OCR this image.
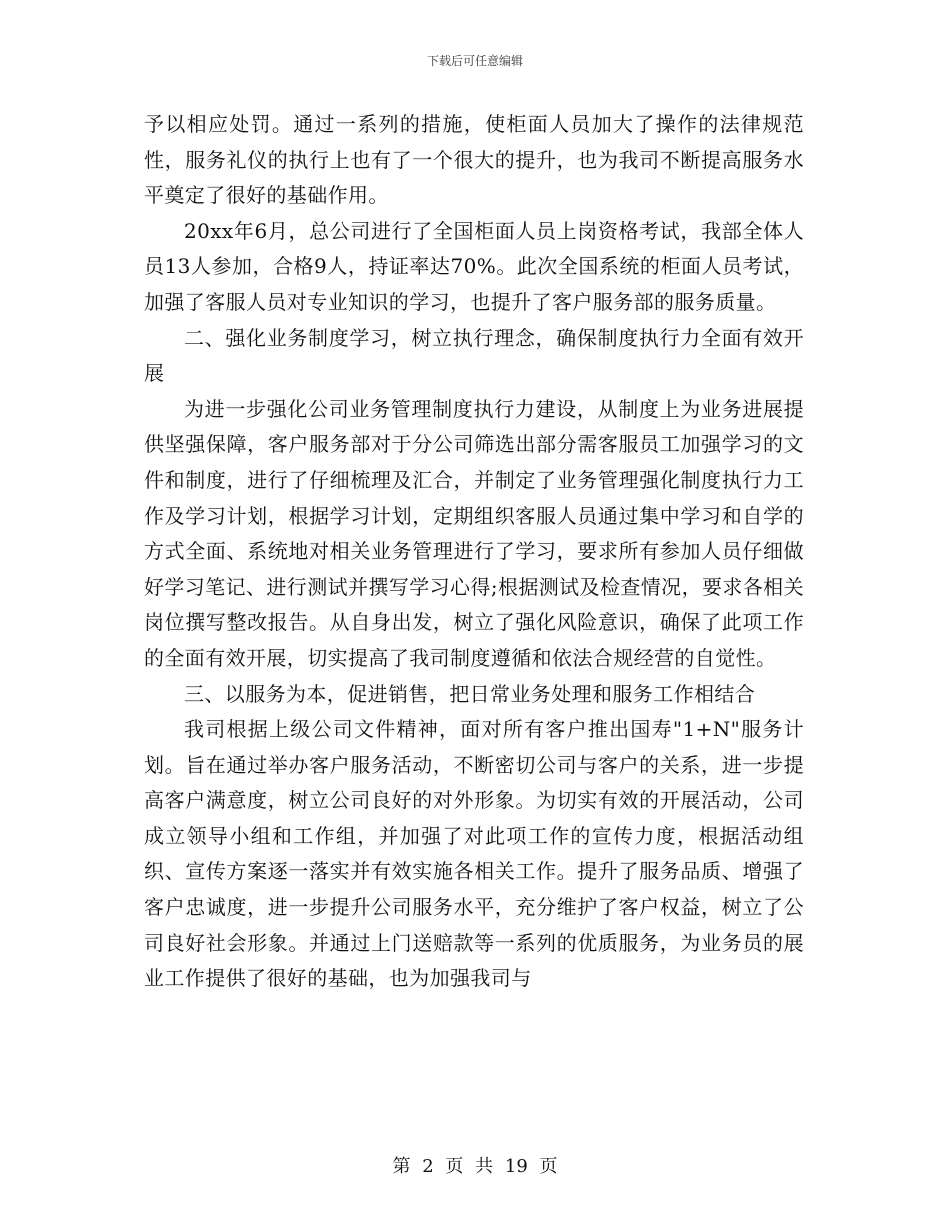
下载后可任意编辑

予以相应处罚。通过一系列的措施，使柜面人员加大了操作的法律规范性，服务礼仪的执行上也有了一个很大的提升，也为我司不断提高服务水平奠定了很好的基础作用。

20xx年6月，总公司进行了全国柜面人员上岗资格考试，我部全体人员13人参加，合格9人，持证率达70%。此次全国系统的柜面人员考试，加强了客服人员对专业知识的学习，也提升了客户服务部的服务质量。

二、强化业务制度学习，树立执行理念，确保制度执行力全面有效开展

为进一步强化公司业务管理制度执行力建设，从制度上为业务进展提供坚强保障，客户服务部对于分公司筛选出部分需客服员工加强学习的文件和制度，进行了仔细梳理及汇合，并制定了业务管理强化制度执行力工作及学习计划，根据学习计划，定期组织客服人员通过集中学习和自学的方式全面、系统地对相关业务管理进行了学习，要求所有参加人员仔细做好学习笔记、进行测试并撰写学习心得;根据测试及检查情况，要求各相关岗位撰写整改报告。从自身出发，树立了强化风险意识，确保了此项工作的全面有效开展，切实提高了我司制度遵循和依法合规经营的自觉性。

三、以服务为本，促进销售，把日常业务处理和服务工作相结合

我司根据上级公司文件精神，面对所有客户推出国寿"1+N"服务计划。旨在通过举办客户服务活动，不断密切公司与客户的关系，进一步提高客户满意度，树立公司良好的对外形象。为切实有效的开展活动，公司成立领导小组和工作组，并加强了对此项工作的宣传力度，根据活动组织、宣传方案逐一落实并有效实施各相关工作。提升了服务品质、增强了客户忠诚度，进一步提升公司服务水平，充分维护了客户权益，树立了公司良好社会形象。并通过上门送赔款等一系列的优质服务，为业务员的展业工作提供了很好的基础，也为加强我司与

第 2 页 共 19 页
